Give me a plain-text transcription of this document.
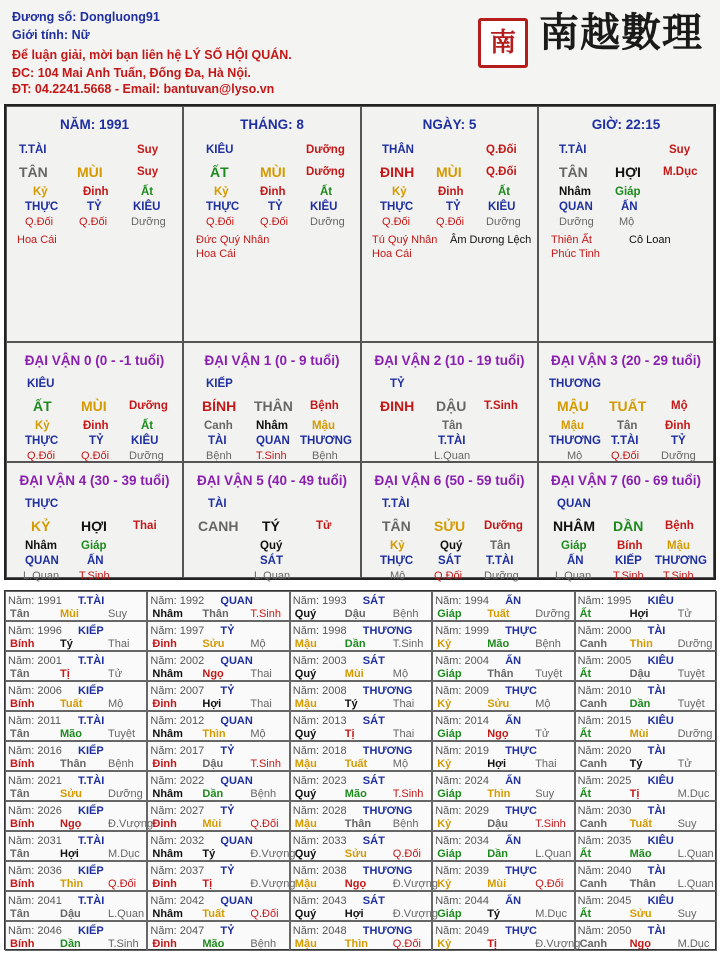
Đương số: Dongluong91
Giới tính: Nữ
Để luận giải, mời bạn liên hệ LÝ SỐ HỘI QUÁN.
ĐC: 104 Mai Anh Tuấn, Đống Đa, Hà Nội.
ĐT: 04.2241.5668 - Email: bantuvan@lyso.vn
南 南越數理
NĂM: 1991
T.TÀI	Suy
TÂN MÙI	Suy
Kỷ	Đinh	Ất
THỰC	TỶ	KIÊU
Q.Đối Q.Đối Dưỡng
Hoa Cái
THÁNG: 8
KIÊU	Dưỡng
ẤT MÙI Dưỡng
Kỷ	Đinh	Ất
THỰC	TỶ KIÊU
Q.Đối Q.Đối Dưỡng
Đức Quý Nhân
Hoa Cái
NGÀY: 5
THÂN	Q.Đối
ĐINH MÙI Q.Đối
Kỷ	Đinh	Ất
THỰC	TỶ KIÊU
Q.Đối Q.Đối Dưỡng
Tú Quý Nhân Âm Dương Lệch
Hoa Cái
GIỜ: 22:15
T.TÀI	Suy
TÂN HỢI M.Dục
Nhâm Giáp
QUAN ẤN
Dưỡng Mộ
Thiên Ất	Cô Loan
Phúc Tinh
ĐẠI VẬN 0 (0 - -1 tuổi)
KIÊU
ẤT MÙI Dưỡng
Kỷ	Đinh	Ất
THỰC	TỶ KIÊU
Q.Đối Q.Đối Dưỡng
ĐẠI VẬN 1 (0 - 9 tuổi)
KIẾP
BÍNH THÂN Bệnh
Canh Nhâm Mậu
TÀI	QUAN THƯƠNG
Bệnh T.Sinh Bệnh
ĐẠI VẬN 2 (10 - 19 tuổi)
TỶ
ĐINH DẬU T.Sinh
Tân
T.TÀI
L.Quan
ĐẠI VẬN 3 (20 - 29 tuổi)
THƯƠNG
MẬU TUẤT Mộ
Mậu	Tân Đinh
THƯƠNG T.TÀI	TỶ
Mộ	Q.Đối Dưỡng
ĐẠI VẬN 4 (30 - 39 tuổi)
THỰC
KỶ HỢI Thai
Nhâm Giáp
QUAN ẤN
L.Quan T.Sinh
ĐẠI VẬN 5 (40 - 49 tuổi)
TÀI
CANH TÝ	Tử
Quý
SÁT
L.Quan
ĐẠI VẬN 6 (50 - 59 tuổi)
T.TÀI
TÂN SỬU Dưỡng
Kỷ	Quý Tân
THỰC SÁT T.TÀI
Mộ	Q.Đối Dưỡng
ĐẠI VẬN 7 (60 - 69 tuổi)
QUAN
NHÂM DẦN Bệnh
Giáp	Bính Mậu
ẤN	KIẾP THƯƠNG
L.Quan T.Sinh T.Sinh
Năm: 1991 T.TÀI
Tân	Mùi	Suy
Năm: 1992 QUAN
Nhâm Thân T.Sinh
Năm: 1993 SÁT
Quý	Dậu Bệnh
Năm: 1994 ẤN
Giáp Tuất Dưỡng
Năm: 1995 KIÊU
Ất	Hợi	Tử
Năm: 1996 KIẾP
Bính Tý	Thai
Năm: 1997 TỶ
Đinh Sửu Mộ
Năm: 1998 THƯƠNG
Mậu	Dần T.Sinh
Năm: 1999 THỰC
Kỷ	Mão Bệnh
Năm: 2000 TÀI
Canh Thìn Dưỡng
Năm: 2001 T.TÀI
Tân	Tị	Tử
Năm: 2002 QUAN
Nhâm Ngọ Thai
Năm: 2003 SÁT
Quý	Mùi	Mộ
Năm: 2004 ẤN
Giáp Thân Tuyệt
Năm: 2005 KIÊU
Ất	Dậu Tuyệt
Năm: 2006 KIẾP
Bính Tuất Mộ
Năm: 2007 TỶ
Đinh Hợi	Thai
Năm: 2008 THƯƠNG
Mậu	Tý	Thai
Năm: 2009 THỰC
Kỷ	Sửu Mộ
Năm: 2010 TÀI
Canh Dần Tuyệt
Năm: 2011 T.TÀI
Tân	Mão Tuyệt
Năm: 2012 QUAN
Nhâm Thìn Mộ
Năm: 2013 SÁT
Quý	Tị	Thai
Năm: 2014 ẤN
Giáp Ngọ Tử
Năm: 2015 KIÊU
Ất	Mùi	Dưỡng
Năm: 2016 KIẾP
Bính Thân Bệnh
Năm: 2017 TỶ
Đinh Dậu T.Sinh
Năm: 2018 THƯƠNG
Mậu	Tuất Mộ
Năm: 2019 THỰC
Kỷ	Hợi	Thai
Năm: 2020 TÀI
Canh Tý	Tử
Năm: 2021 T.TÀI
Tân	Sửu Dưỡng
Năm: 2022 QUAN
Nhâm Dần Bệnh
Năm: 2023 SÁT
Quý	Mão T.Sinh
Năm: 2024 ẤN
Giáp Thìn Suy
Năm: 2025 KIÊU
Ất	Tị	M.Dục
Năm: 2026 KIẾP
Bính Ngọ Đ.Vượng
Năm: 2027 TỶ
Đinh Mùi	Q.Đối
Năm: 2028 THƯƠNG
Mậu	Thân Bệnh
Năm: 2029 THỰC
Kỷ	Dậu T.Sinh
Năm: 2030 TÀI
Canh Tuất Suy
Năm: 2031 T.TÀI
Tân	Hợi	M.Dục
Năm: 2032 QUAN
Nhâm Tý	Đ.Vượng
Năm: 2033 SÁT
Quý	Sửu Q.Đối
Năm: 2034 ẤN
Giáp Dần L.Quan
Năm: 2035 KIÊU
Ất	Mão L.Quan
Năm: 2036 KIẾP
Bính Thìn Q.Đối
Năm: 2037 TỶ
Đinh Tị	Đ.Vượng
Năm: 2038 THƯƠNG
Mậu	Ngọ Đ.Vượng
Năm: 2039 THỰC
Kỷ	Mùi	Q.Đối
Năm: 2040 TÀI
Canh Thân L.Quan
Năm: 2041 T.TÀI
Tân	Dậu L.Quan
Năm: 2042 QUAN
Nhâm Tuất Q.Đối
Năm: 2043 SÁT
Quý	Hợi	Đ.Vượng
Năm: 2044 ẤN
Giáp Tý	M.Dục
Năm: 2045 KIÊU
Ất	Sửu Suy
Năm: 2046 KIẾP
Bính Dần T.Sinh
Năm: 2047 TỶ
Đinh Mão Bệnh
Năm: 2048 THƯƠNG
Mậu	Thìn Q.Đối
Năm: 2049 THỰC
Kỷ	Tị	Đ.Vượng
Năm: 2050 TÀI
Canh Ngọ M.Dục
